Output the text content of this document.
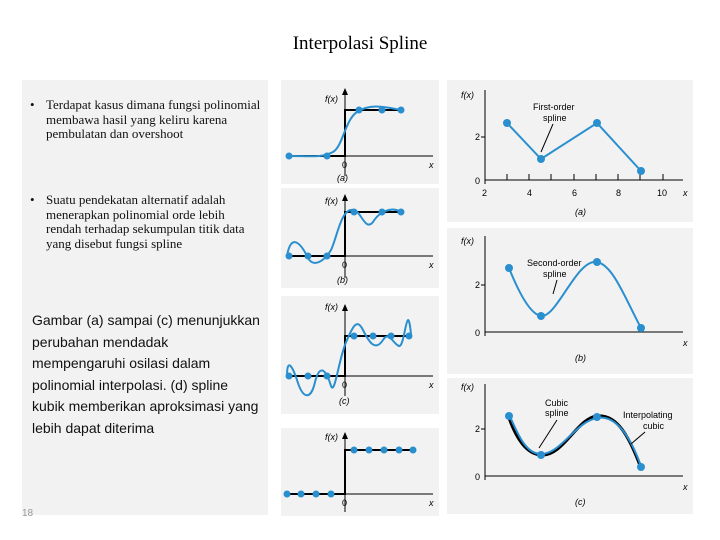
Interpolasi Spline
• Terdapat kasus dimana fungsi polinomial membawa hasil yang keliru karena pembulatan dan overshoot
• Suatu pendekatan alternatif adalah menerapkan polinomial orde lebih rendah terhadap sekumpulan titik data yang disebut fungsi spline
Gambar (a) sampai (c) menunjukkan perubahan mendadak mempengaruhi osilasi dalam polinomial interpolasi. (d) spline kubik memberikan aproksimasi yang lebih dapat diterima
18
f(x)
0	x
(a)
f(x)
0	x
(b)
f(x)
0	x
(c)
f(x)
0	x
f(x)
x
2
0
2	4	6	8	10
First-order
spline
(a)
f(x)
x
2
0
Second-order
spline
(b)
f(x)
x
2
0
Cubic
spline	Interpolating
cubic
(c)
